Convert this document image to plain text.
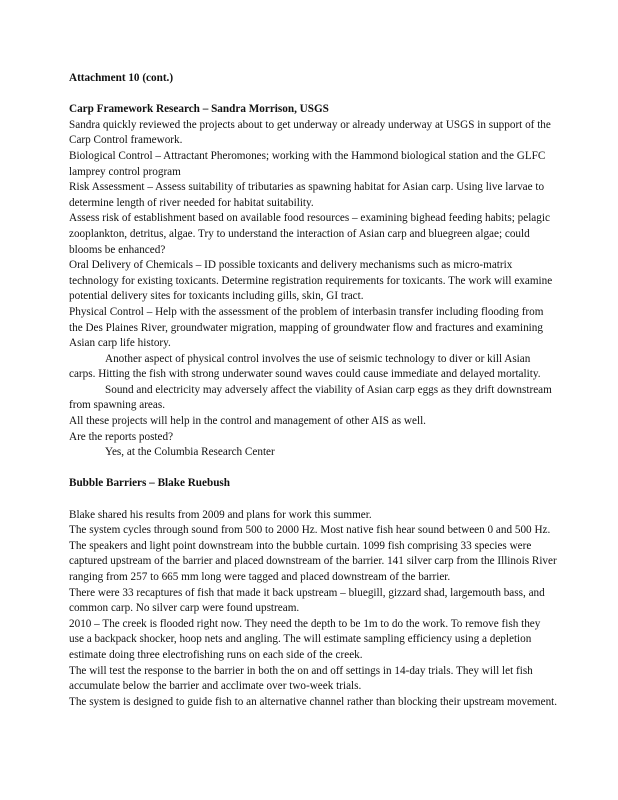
Attachment 10 (cont.)

Carp Framework Research – Sandra Morrison, USGS

Sandra quickly reviewed the projects about to get underway or already underway at USGS in support of the Carp Control framework.

Biological Control – Attractant Pheromones; working with the Hammond biological station and the GLFC lamprey control program

Risk Assessment – Assess suitability of tributaries as spawning habitat for Asian carp. Using live larvae to determine length of river needed for habitat suitability.

Assess risk of establishment based on available food resources – examining bighead feeding habits; pelagic zooplankton, detritus, algae. Try to understand the interaction of Asian carp and bluegreen algae; could blooms be enhanced?

Oral Delivery of Chemicals – ID possible toxicants and delivery mechanisms such as micro-matrix technology for existing toxicants. Determine registration requirements for toxicants. The work will examine potential delivery sites for toxicants including gills, skin, GI tract.

Physical Control – Help with the assessment of the problem of interbasin transfer including flooding from the Des Plaines River, groundwater migration, mapping of groundwater flow and fractures and examining Asian carp life history.

Another aspect of physical control involves the use of seismic technology to diver or kill Asian carps. Hitting the fish with strong underwater sound waves could cause immediate and delayed mortality.

Sound and electricity may adversely affect the viability of Asian carp eggs as they drift downstream from spawning areas.

All these projects will help in the control and management of other AIS as well.

Are the reports posted?

Yes, at the Columbia Research Center

Bubble Barriers – Blake Ruebush

Blake shared his results from 2009 and plans for work this summer.

The system cycles through sound from 500 to 2000 Hz. Most native fish hear sound between 0 and 500 Hz.

The speakers and light point downstream into the bubble curtain. 1099 fish comprising 33 species were captured upstream of the barrier and placed downstream of the barrier. 141 silver carp from the Illinois River ranging from 257 to 665 mm long were tagged and placed downstream of the barrier.

There were 33 recaptures of fish that made it back upstream – bluegill, gizzard shad, largemouth bass, and common carp. No silver carp were found upstream.

2010 – The creek is flooded right now. They need the depth to be 1m to do the work. To remove fish they use a backpack shocker, hoop nets and angling. The will estimate sampling efficiency using a depletion estimate doing three electrofishing runs on each side of the creek.

The will test the response to the barrier in both the on and off settings in 14-day trials. They will let fish accumulate below the barrier and acclimate over two-week trials.

The system is designed to guide fish to an alternative channel rather than blocking their upstream movement.
